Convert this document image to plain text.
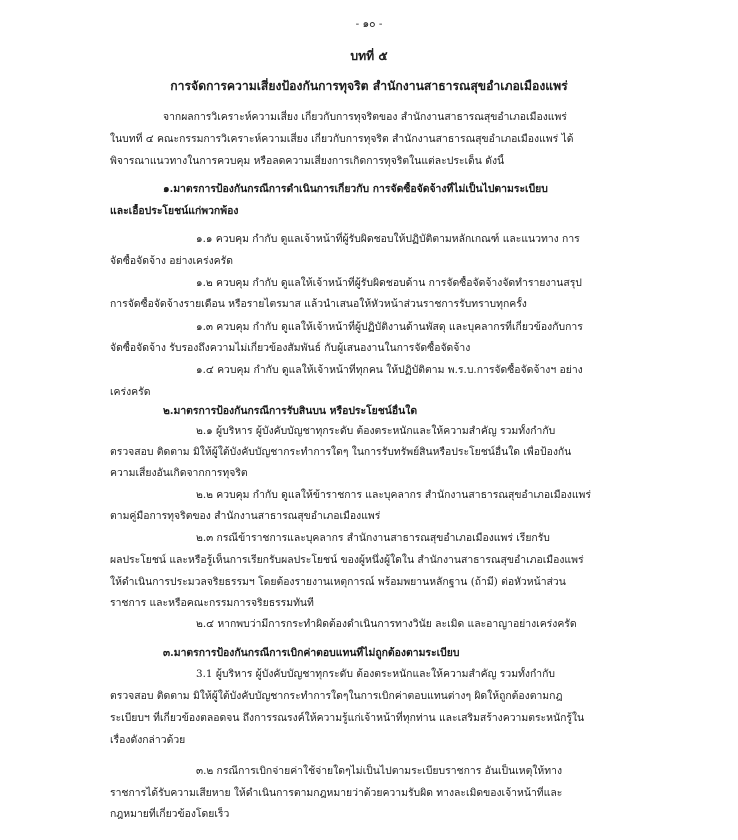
- ๑๐ -
บทที่ ๕
การจัดการความเสี่ยงป้องกันการทุจริต สำนักงานสาธารณสุขอำเภอเมืองแพร่
จากผลการวิเคราะห์ความเสี่ยง เกี่ยวกับการทุจริตของ สำนักงานสาธารณสุขอำเภอเมืองแพร่
ในบทที่ ๔ คณะกรรมการวิเคราะห์ความเสี่ยง เกี่ยวกับการทุจริต สำนักงานสาธารณสุขอำเภอเมืองแพร่ ได้
พิจารณาแนวทางในการควบคุม หรือลดความเสี่ยงการเกิดการทุจริตในแต่ละประเด็น ดังนี้
๑.มาตรการป้องกันกรณีการดำเนินการเกี่ยวกับ การจัดซื้อจัดจ้างที่ไม่เป็นไปตามระเบียบ
และเอื้อประโยชน์แก่พวกพ้อง
๑.๑ ควบคุม กำกับ ดูแลเจ้าหน้าที่ผู้รับผิดชอบให้ปฏิบัติตามหลักเกณฑ์ และแนวทาง การ
จัดซื้อจัดจ้าง อย่างเคร่งครัด
๑.๒ ควบคุม กำกับ ดูแลให้เจ้าหน้าที่ผู้รับผิดชอบด้าน การจัดซื้อจัดจ้างจัดทำรายงานสรุป
การจัดซื้อจัดจ้างรายเดือน หรือรายไตรมาส แล้วนำเสนอให้หัวหน้าส่วนราชการรับทราบทุกครั้ง
๑.๓ ควบคุม กำกับ ดูแลให้เจ้าหน้าที่ผู้ปฏิบัติงานด้านพัสดุ และบุคลากรที่เกี่ยวข้องกับการ
จัดซื้อจัดจ้าง รับรองถึงความไม่เกี่ยวข้องสัมพันธ์ กับผู้เสนองานในการจัดซื้อจัดจ้าง
๑.๔ ควบคุม กำกับ ดูแลให้เจ้าหน้าที่ทุกคน ให้ปฏิบัติตาม พ.ร.บ.การจัดซื้อจัดจ้างฯ อย่าง
เคร่งครัด
๒.มาตรการป้องกันกรณีการรับสินบน หรือประโยชน์อื่นใด
๒.๑ ผู้บริหาร ผู้บังคับบัญชาทุกระดับ ต้องตระหนักและให้ความสำคัญ รวมทั้งกำกับ
ตรวจสอบ ติดตาม มิให้ผู้ใต้บังคับบัญชากระทำการใดๆ ในการรับทรัพย์สินหรือประโยชน์อื่นใด เพื่อป้องกัน
ความเสี่ยงอันเกิดจากการทุจริต
๒.๒ ควบคุม กำกับ ดูแลให้ข้าราชการ และบุคลากร สำนักงานสาธารณสุขอำเภอเมืองแพร่
ตามคู่มือการทุจริตของ สำนักงานสาธารณสุขอำเภอเมืองแพร่
๒.๓ กรณีข้าราชการและบุคลากร สำนักงานสาธารณสุขอำเภอเมืองแพร่ เรียกรับ
ผลประโยชน์ และหรือรู้เห็นการเรียกรับผลประโยชน์ ของผู้หนึ่งผู้ใดใน สำนักงานสาธารณสุขอำเภอเมืองแพร่
ให้ดำเนินการประมวลจริยธรรมฯ โดยต้องรายงานเหตุการณ์ พร้อมพยานหลักฐาน (ถ้ามี) ต่อหัวหน้าส่วน
ราชการ และหรือคณะกรรมการจริยธรรมทันที
๒.๔ หากพบว่ามีการกระทำผิดต้องดำเนินการทางวินัย ละเมิด และอาญาอย่างเคร่งครัด
๓.มาตรการป้องกันกรณีการเบิกค่าตอบแทนที่ไม่ถูกต้องตามระเบียบ
3.1 ผู้บริหาร ผู้บังคับบัญชาทุกระดับ ต้องตระหนักและให้ความสำคัญ รวมทั้งกำกับ
ตรวจสอบ ติดตาม มิให้ผู้ใต้บังคับบัญชากระทำการใดๆในการเบิกค่าตอบแทนต่างๆ ผิดให้ถูกต้องตามกฎ
ระเบียบฯ ที่เกี่ยวข้องตลอดจน ถึงการรณรงค์ให้ความรู้แก่เจ้าหน้าที่ทุกท่าน และเสริมสร้างความตระหนักรู้ใน
เรื่องดังกล่าวด้วย
๓.๒ กรณีการเบิกจ่ายค่าใช้จ่ายใดๆไม่เป็นไปตามระเบียบราชการ อันเป็นเหตุให้ทาง
ราชการได้รับความเสียหาย ให้ดำเนินการตามกฎหมายว่าด้วยความรับผิด ทางละเมิดของเจ้าหน้าที่และ
กฎหมายที่เกี่ยวข้องโดยเร็ว
